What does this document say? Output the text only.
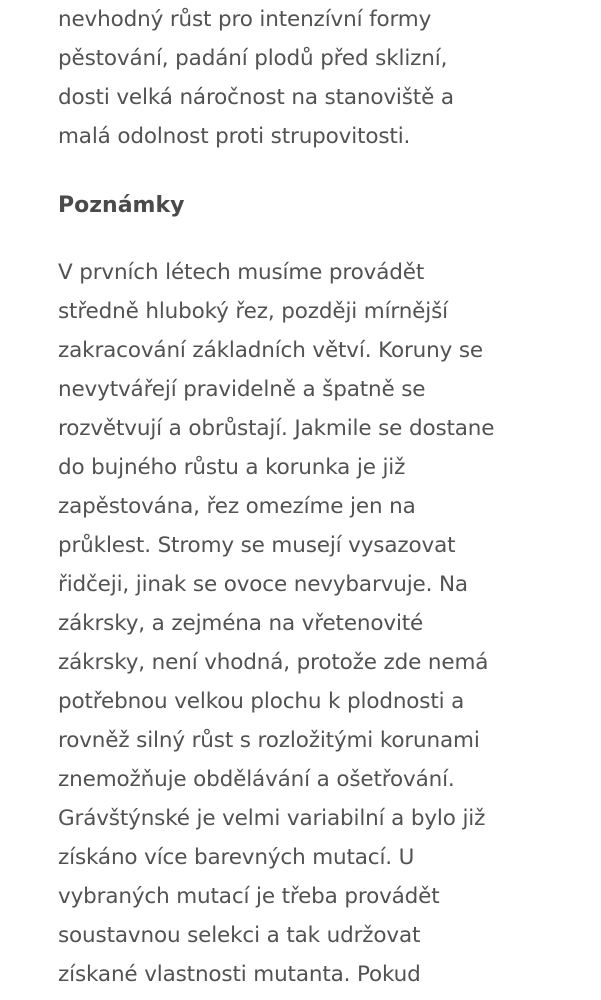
nevhodný růst pro intenzívní formy
pěstování, padání plodů před sklizní,
dosti velká náročnost na stanoviště a
malá odolnost proti strupovitosti.
Poznámky
V prvních létech musíme provádět
středně hluboký řez, později mírnější
zakracování základních větví. Koruny se
nevytvářejí pravidelně a špatně se
rozvětvují a obrůstají. Jakmile se dostane
do bujného růstu a korunka je již
zapěstována, řez omezíme jen na
průklest. Stromy se musejí vysazovat
řidčeji, jinak se ovoce nevybarvuje. Na
zákrsky, a zejména na vřetenovité
zákrsky, není vhodná, protože zde nemá
potřebnou velkou plochu k plodnosti a
rovněž silný růst s rozložitými korunami
znemožňuje obdělávání a ošetřování.
Grávštýnské je velmi variabilní a bylo již
získáno více barevných mutací. U
vybraných mutací je třeba provádět
soustavnou selekci a tak udržovat
získané vlastnosti mutanta. Pokud
